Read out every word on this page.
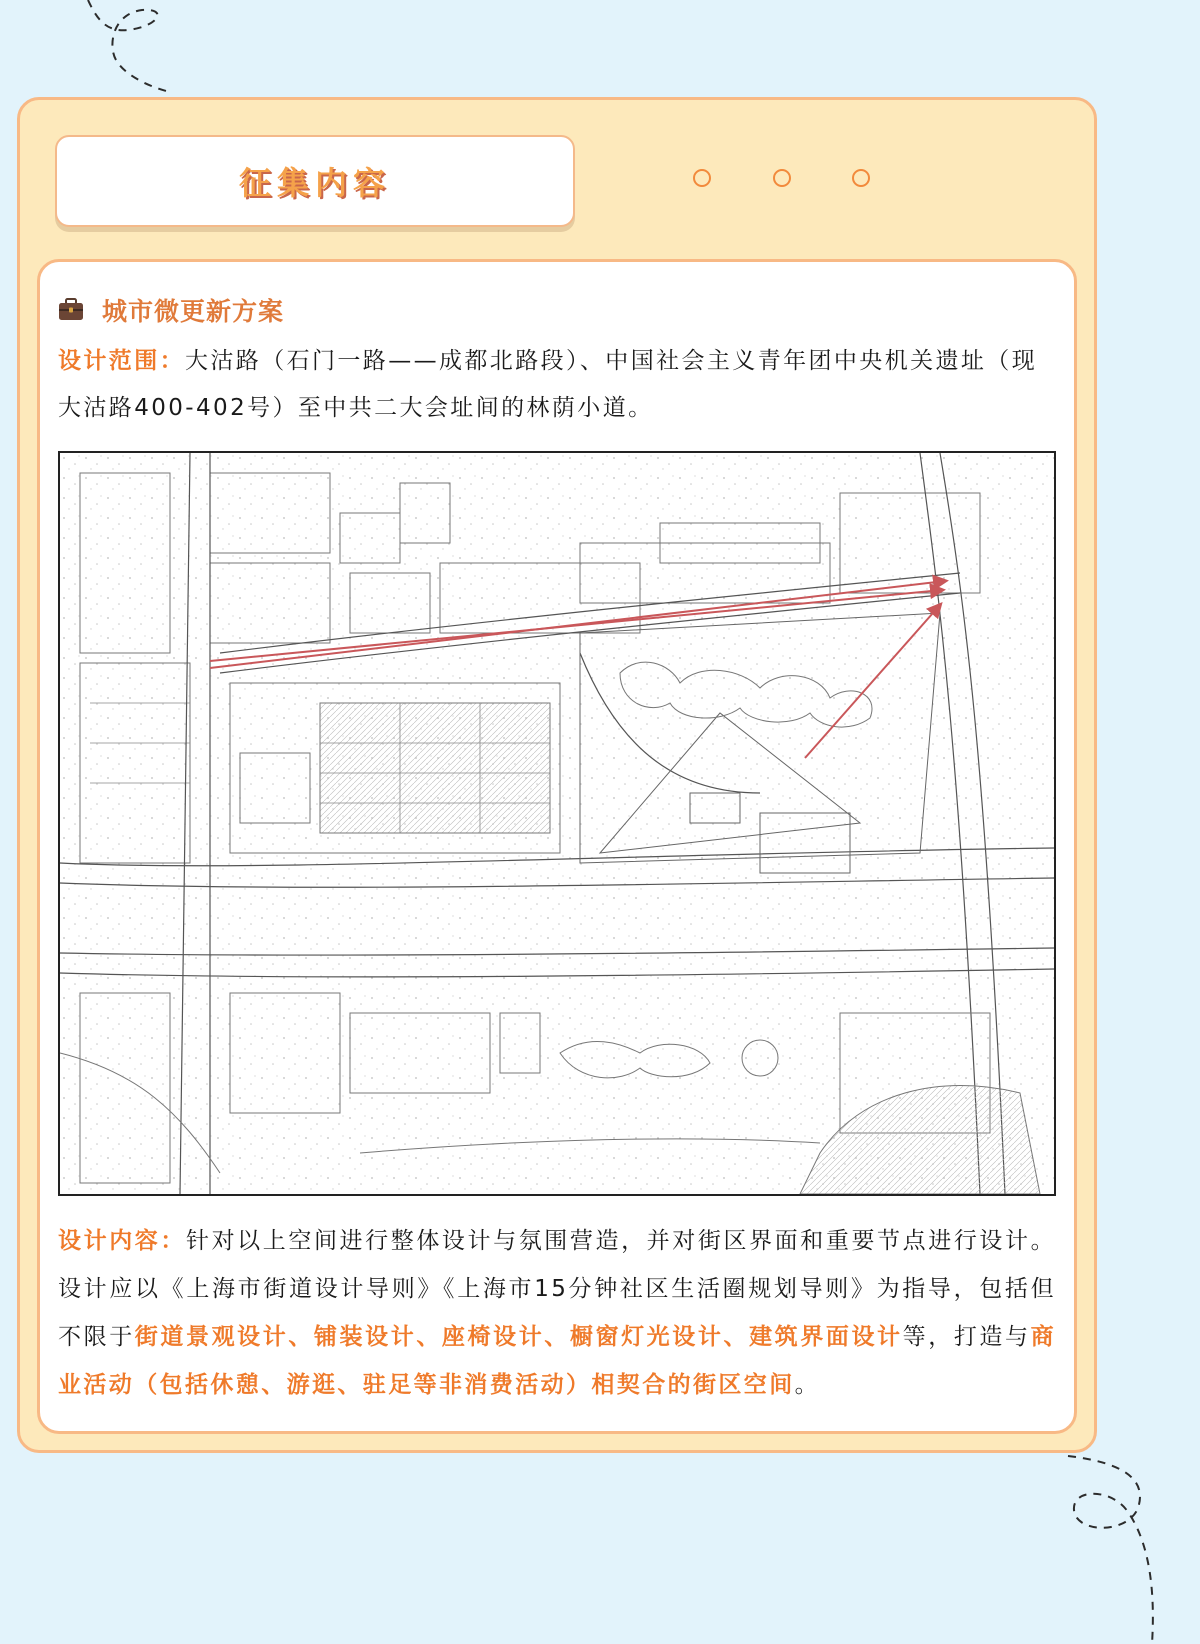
征集内容
城市微更新方案

设计范围：大沽路（石门一路——成都北路段）、中国社会主义青年团中央机关遗址（现大沽路400-402号）至中共二大会址间的林荫小道。

设计内容：针对以上空间进行整体设计与氛围营造，并对街区界面和重要节点进行设计。设计应以《上海市街道设计导则》《上海市15分钟社区生活圈规划导则》为指导，包括但不限于街道景观设计、铺装设计、座椅设计、橱窗灯光设计、建筑界面设计等，打造与商业活动（包括休憩、游逛、驻足等非消费活动）相契合的街区空间。
